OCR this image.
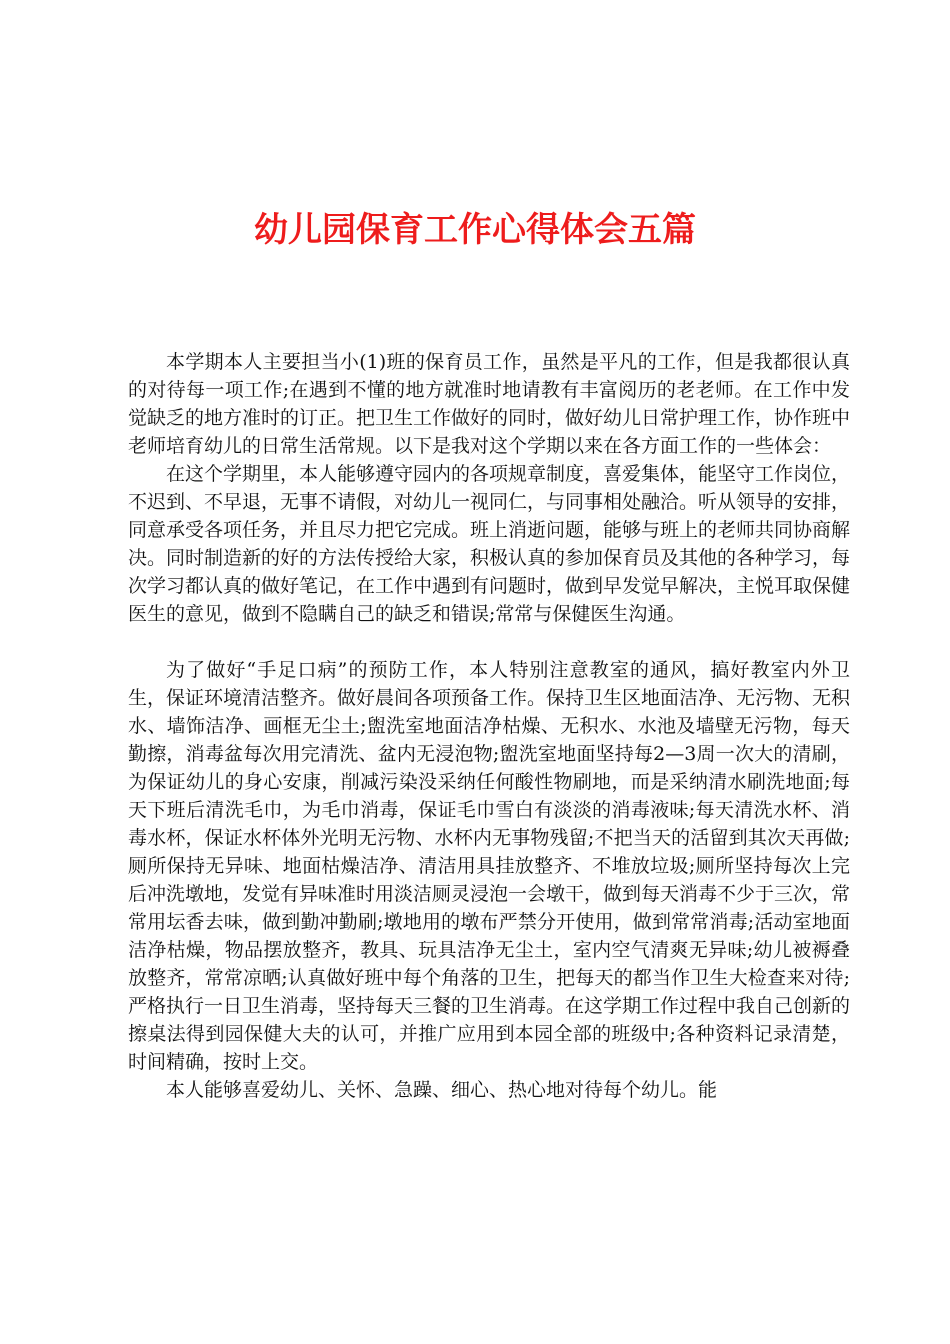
幼儿园保育工作心得体会五篇

本学期本人主要担当小(1)班的保育员工作，虽然是平凡的工作，但是我都很认真的对待每一项工作;在遇到不懂的地方就准时地请教有丰富阅历的老老师。在工作中发觉缺乏的地方准时的订正。把卫生工作做好的同时，做好幼儿日常护理工作，协作班中老师培育幼儿的日常生活常规。以下是我对这个学期以来在各方面工作的一些体会：

在这个学期里，本人能够遵守园内的各项规章制度，喜爱集体，能坚守工作岗位，不迟到、不早退，无事不请假，对幼儿一视同仁，与同事相处融洽。听从领导的安排，同意承受各项任务，并且尽力把它完成。班上消逝问题，能够与班上的老师共同协商解决。同时制造新的好的方法传授给大家，积极认真的参加保育员及其他的各种学习，每次学习都认真的做好笔记，在工作中遇到有问题时，做到早发觉早解决，主悦耳取保健医生的意见，做到不隐瞒自己的缺乏和错误;常常与保健医生沟通。

为了做好“手足口病”的预防工作，本人特别注意教室的通风，搞好教室内外卫生，保证环境清洁整齐。做好晨间各项预备工作。保持卫生区地面洁净、无污物、无积水、墙饰洁净、画框无尘土;盥洗室地面洁净枯燥、无积水、水池及墙壁无污物，每天勤擦，消毒盆每次用完清洗、盆内无浸泡物;盥洗室地面坚持每2—3周一次大的清刷，为保证幼儿的身心安康，削减污染没采纳任何酸性物刷地，而是采纳清水刷洗地面;每天下班后清洗毛巾，为毛巾消毒，保证毛巾雪白有淡淡的消毒液味;每天清洗水杯、消毒水杯，保证水杯体外光明无污物、水杯内无事物残留;不把当天的活留到其次天再做;厕所保持无异味、地面枯燥洁净、清洁用具挂放整齐、不堆放垃圾;厕所坚持每次上完后冲洗墩地，发觉有异味准时用淡洁厕灵浸泡一会墩干，做到每天消毒不少于三次，常常用坛香去味，做到勤冲勤刷;墩地用的墩布严禁分开使用，做到常常消毒;活动室地面洁净枯燥，物品摆放整齐，教具、玩具洁净无尘土，室内空气清爽无异味;幼儿被褥叠放整齐，常常凉晒;认真做好班中每个角落的卫生，把每天的都当作卫生大检查来对待;严格执行一日卫生消毒，坚持每天三餐的卫生消毒。在这学期工作过程中我自己创新的擦桌法得到园保健大夫的认可，并推广应用到本园全部的班级中;各种资料记录清楚，时间精确，按时上交。

本人能够喜爱幼儿、关怀、急躁、细心、热心地对待每个幼儿。能
